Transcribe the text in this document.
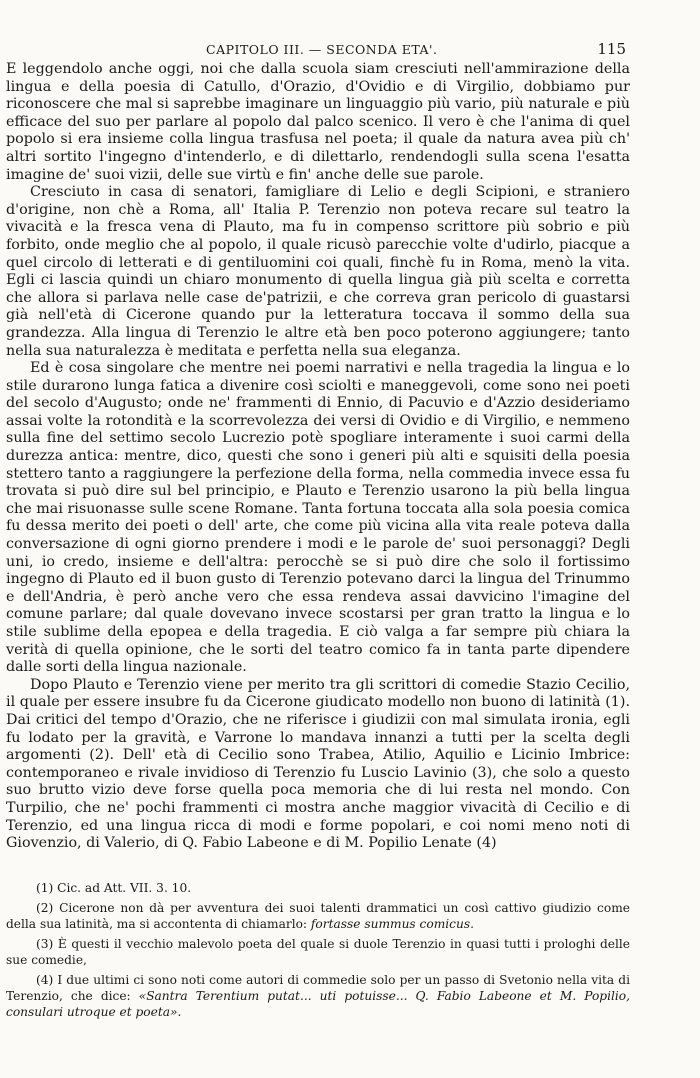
CAPITOLO III. — SECONDA ETA'.	115

E leggendolo anche oggi, noi che dalla scuola siam cresciuti nell'ammirazione della lingua e della poesia di Catullo, d'Orazio, d'Ovidio e di Virgilio, dobbiamo pur riconoscere che mal si saprebbe imaginare un linguaggio più vario, più naturale e più efficace del suo per parlare al popolo dal palco scenico. Il vero è che l'anima di quel popolo si era insieme colla lingua trasfusa nel poeta; il quale da natura avea più ch' altri sortito l'ingegno d'intenderlo, e di dilettarlo, rendendogli sulla scena l'esatta imagine de' suoi vizii, delle sue virtù e fin' anche delle sue parole.

Cresciuto in casa di senatori, famigliare di Lelio e degli Scipioni, e straniero d'origine, non chè a Roma, all' Italia P. Terenzio non poteva recare sul teatro la vivacità e la fresca vena di Plauto, ma fu in compenso scrittore più sobrio e più forbito, onde meglio che al popolo, il quale ricusò parecchie volte d'udirlo, piacque a quel circolo di letterati e di gentiluomini coi quali, finchè fu in Roma, menò la vita. Egli ci lascia quindi un chiaro monumento di quella lingua già più scelta e corretta che allora si parlava nelle case de'patrizii, e che correva gran pericolo di guastarsi già nell'età di Cicerone quando pur la letteratura toccava il sommo della sua grandezza. Alla lingua di Terenzio le altre età ben poco poterono aggiungere; tanto nella sua naturalezza è meditata e perfetta nella sua eleganza.

Ed è cosa singolare che mentre nei poemi narrativi e nella tragedia la lingua e lo stile durarono lunga fatica a divenire così sciolti e maneggevoli, come sono nei poeti del secolo d'Augusto; onde ne' frammenti di Ennio, di Pacuvio e d'Azzio desideriamo assai volte la rotondità e la scorrevolezza dei versi di Ovidio e di Virgilio, e nemmeno sulla fine del settimo secolo Lucrezio potè spogliare interamente i suoi carmi della durezza antica: mentre, dico, questi che sono i generi più alti e squisiti della poesia stettero tanto a raggiungere la perfezione della forma, nella commedia invece essa fu trovata si può dire sul bel principio, e Plauto e Terenzio usarono la più bella lingua che mai risuonasse sulle scene Romane. Tanta fortuna toccata alla sola poesia comica fu dessa merito dei poeti o dell' arte, che come più vicina alla vita reale poteva dalla conversazione di ogni giorno prendere i modi e le parole de' suoi personaggi? Degli uni, io credo, insieme e dell'altra: perocchè se si può dire che solo il fortissimo ingegno di Plauto ed il buon gusto di Terenzio potevano darci la lingua del Trinummo e dell'Andria, è però anche vero che essa rendeva assai davvicino l'imagine del comune parlare; dal quale dovevano invece scostarsi per gran tratto la lingua e lo stile sublime della epopea e della tragedia. E ciò valga a far sempre più chiara la verità di quella opinione, che le sorti del teatro comico fa in tanta parte dipendere dalle sorti della lingua nazionale.

Dopo Plauto e Terenzio viene per merito tra gli scrittori di comedie Stazio Cecilio, il quale per essere insubre fu da Cicerone giudicato modello non buono di latinità (1). Dai critici del tempo d'Orazio, che ne riferisce i giudizii con mal simulata ironia, egli fu lodato per la gravità, e Varrone lo mandava innanzi a tutti per la scelta degli argomenti (2). Dell' età di Cecilio sono Trabea, Atilio, Aquilio e Licinio Imbrice: contemporaneo e rivale invidioso di Terenzio fu Luscio Lavinio (3), che solo a questo suo brutto vizio deve forse quella poca memoria che di lui resta nel mondo. Con Turpilio, che ne' pochi frammenti ci mostra anche maggior vivacità di Cecilio e di Terenzio, ed una lingua ricca di modi e forme popolari, e coi nomi meno noti di Giovenzio, di Valerio, di Q. Fabio Labeone e di M. Popilio Lenate (4)

(1) Cic. ad Att. VII. 3. 10.

(2) Cicerone non dà per avventura dei suoi talenti drammatici un così cattivo giudizio come della sua latinità, ma si accontenta di chiamarlo: fortasse summus comicus.

(3) È questi il vecchio malevolo poeta del quale si duole Terenzio in quasi tutti i prologhi delle sue comedie,

(4) I due ultimi ci sono noti come autori di commedie solo per un passo di Svetonio nella vita di Terenzio, che dice: «Santra Terentium putat... uti potuisse... Q. Fabio Labeone et M. Popilio, consulari utroque et poeta».
